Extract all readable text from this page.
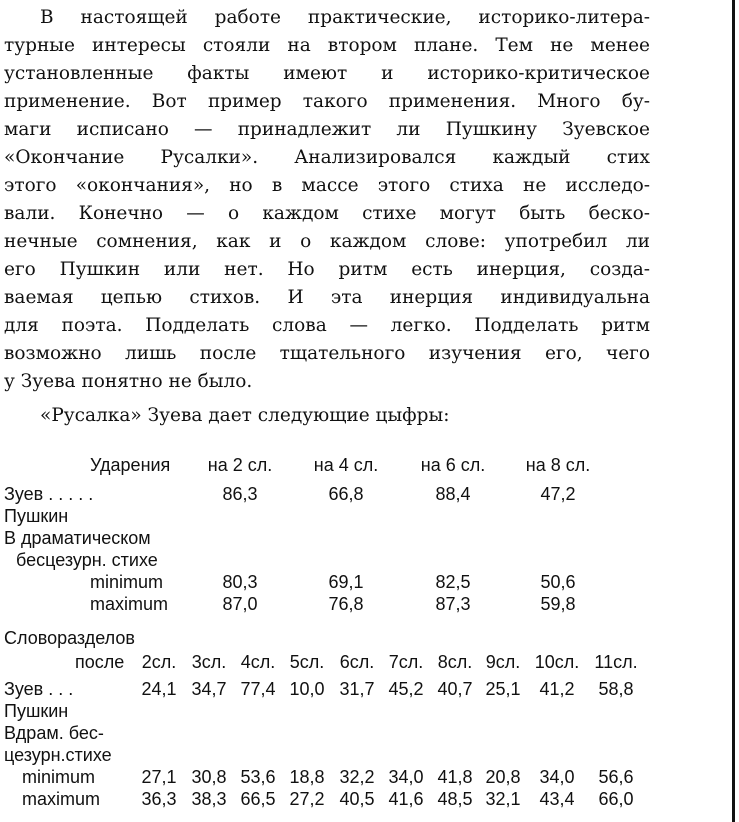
В настоящей работе практические, историко-литера-
турные интересы стояли на втором плане. Тем не менее
установленные факты имеют и историко-критическое
применение. Вот пример такого применения. Много бу-
маги исписано — принадлежит ли Пушкину Зуевское
«Окончание Русалки». Анализировался каждый стих
этого «окончания», но в массе этого стиха не исследо-
вали. Конечно — о каждом стихе могут быть беско-
нечные сомнения, как и о каждом слове: употребил ли
его Пушкин или нет. Но ритм есть инерция, созда-
ваемая цепью стихов. И эта инерция индивидуальна
для поэта. Подделать слова — легко. Подделать ритм
возможно лишь после тщательного изучения его, чего
у Зуева понятно не было.
«Русалка» Зуева дает следующие цыфры:
Ударения	на 2 сл.	на 4 сл.	на 6 сл.	на 8 сл.
Зуев . . . . .	86,3	66,8	88,4	47,2
Пушкин
В драматическом
бесцезурн. стихе
minimum	80,3	69,1	82,5	50,6
maximum	87,0	76,8	87,3	59,8
Словоразделов
после 2сл. 3сл. 4сл. 5сл. 6сл. 7сл. 8сл. 9сл. 10сл. 11сл.
Зуев . . .	24,1 34,7 77,4 10,0 31,7 45,2 40,7 25,1	41,2	58,8
Пушкин
Вдрам. бес-
цезурн.стихе
minimum	27,1 30,8 53,6 18,8 32,2 34,0 41,8 20,8	34,0	56,6
maximum	36,3 38,3 66,5 27,2 40,5 41,6 48,5 32,1	43,4	66,0
